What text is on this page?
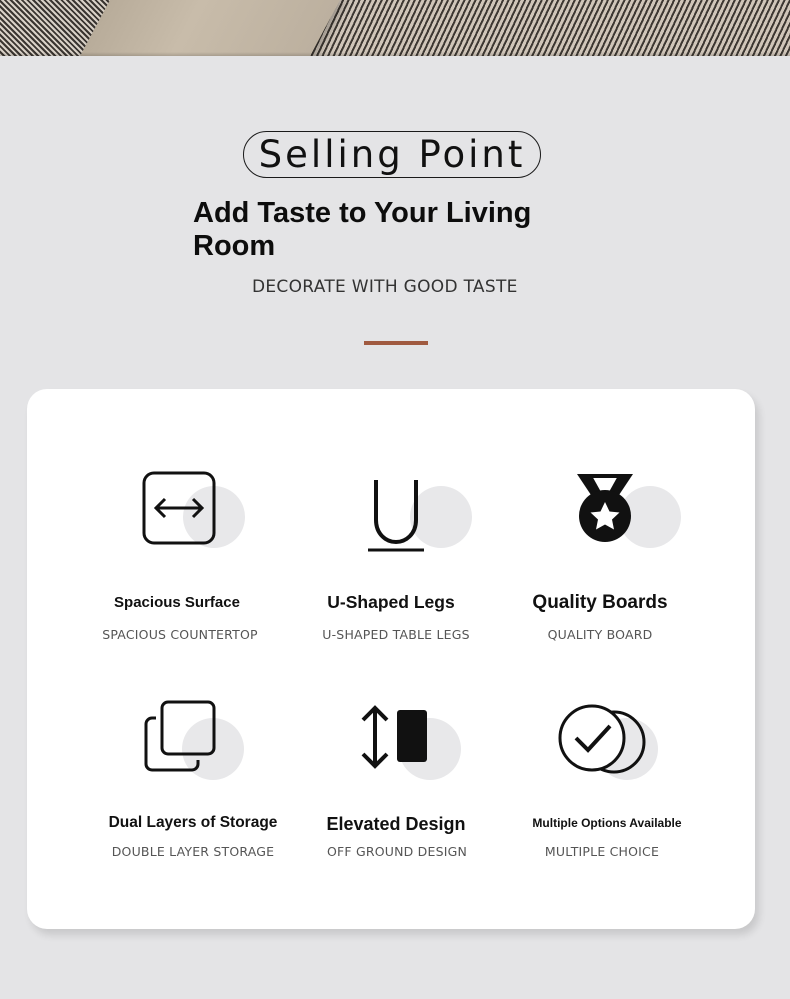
Selling Point
Add Taste to Your Living Room
DECORATE WITH GOOD TASTE
Spacious Surface
SPACIOUS COUNTERTOP
U-Shaped Legs
U-SHAPED TABLE LEGS
Quality Boards
QUALITY BOARD
Dual Layers of Storage
DOUBLE LAYER STORAGE
Elevated Design
OFF GROUND DESIGN
Multiple Options Available
MULTIPLE CHOICE
